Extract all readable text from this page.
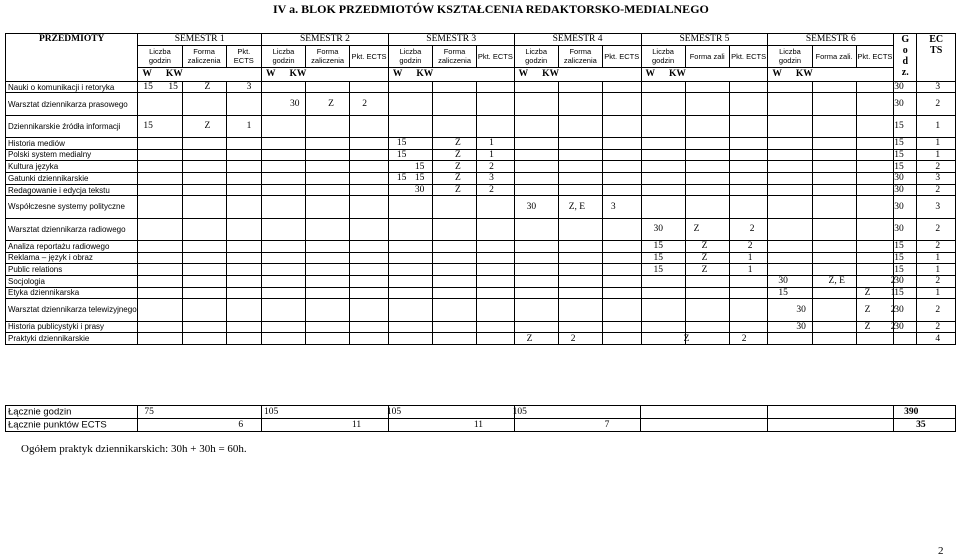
IV a. BLOK PRZEDMIOTÓW KSZTAŁCENIA REDAKTORSKO-MEDIALNEGO
PRZEDMIOTY	SEMESTR 1			SEMESTR 2			SEMESTR 3			SEMESTR 4			SEMESTR 5			SEMESTR 6			Godz.	ECTS

	Liczba godzin	Forma zaliczenia	Pkt. ECTS	Liczba godzin	Forma zaliczenia	Pkt. ECTS	Liczba godzin	Forma zaliczenia	Pkt. ECTS	Liczba godzin	Forma zaliczenia	Pkt. ECTS	Liczba godzin	Forma zali	Pkt. ECTS	Liczba godzin	Forma zali.	Pkt. ECTS		
	W KW			W KW			W KW			W KW			W KW			W KW				
Nauki o komunikacji i retoryka	15 15	Z	3																30	3

Warsztat dziennikarza prasowego				30	Z	2													30	2

Dziennikarskie źródła informacji	15	Z	1																15	1

Historia mediów							15	Z	1										15	1

Polski system medialny							15	Z	1										15	1

Kultura języka							15	Z	2										15	2

Gatunki dziennikarskie							15 15	Z	3										30	3

Redagowanie i edycja tekstu							30	Z	2										30	2

Współczesne systemy polityczne										30	Z, E	3							30	3

Warsztat dziennikarza radiowego													30	Z	2				30	2

Analiza reportażu radiowego													15	Z	2				15	2

Reklama – język i obraz													15	Z	1				15	1

Public relations													15	Z	1				15	1

Socjologia																30	Z, E	2	30	2

Etyka dziennikarska																15		Z 1	15	1

Warsztat dziennikarza telewizyjnego																30		Z 2	30	2

Historia publicystyki i prasy																30		Z 2	30	2

Praktyki dziennikarskie										Z	2			Z	2					4
Łącznie godzin	75	105	105	105			390

Łącznie punktów ECTS	6	11	11	7			35

Ogółem praktyk dziennikarskich: 30h + 30h = 60h.

2
